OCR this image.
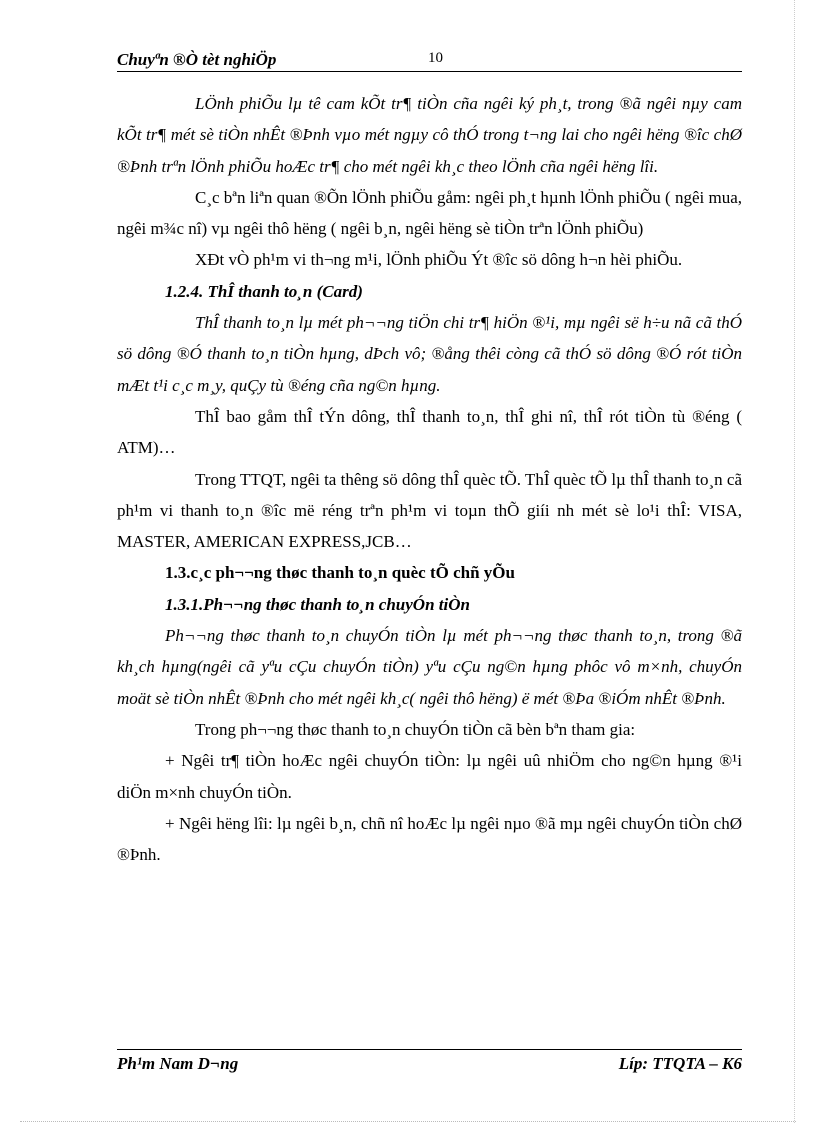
Chuyªn ®Ò tèt nghiÖp	10

LÖnh phiÕu lµ tê cam kÕt tr¶ tiÒn cña ngêi ký ph¸t, trong ®ã ngêi nµy cam kÕt tr¶ mét sè tiÒn nhÊt ®Þnh vµo mét ngµy cô thÓ trong t¬ng lai cho ngêi hëng ®îc chØ ®Þnh trªn lÖnh phiÕu hoÆc tr¶ cho mét ngêi kh¸c theo lÖnh cña ngêi hëng lîi.

C¸c bªn liªn quan ®Õn lÖnh phiÕu gåm: ngêi ph¸t hµnh lÖnh phiÕu ( ngêi mua, ngêi m¾c nî) vµ ngêi thô hëng ( ngêi b¸n, ngêi hëng sè tiÒn trªn lÖnh phiÕu)

XÐt vÒ ph¹m vi th¬ng m¹i, lÖnh phiÕu Ýt ®îc sö dông h¬n hèi phiÕu.

1.2.4. ThÎ thanh to¸n (Card)

ThÎ thanh to¸n lµ mét ph¬¬ng tiÖn chi tr¶ hiÖn ®¹i, mµ ngêi së h÷u nã cã thÓ sö dông ®Ó thanh to¸n tiÒn hµng, dÞch vô; ®ång thêi còng cã thÓ sö dông ®Ó rót tiÒn mÆt t¹i c¸c m¸y, quÇy tù ®éng cña ng©n hµng.

ThÎ bao gåm thÎ tÝn dông, thÎ thanh to¸n, thÎ ghi nî, thÎ rót tiÒn tù ®éng ( ATM)…

Trong TTQT, ngêi ta thêng sö dông thÎ quèc tÕ. ThÎ quèc tÕ lµ thÎ thanh to¸n cã ph¹m vi thanh to¸n ®îc më réng trªn ph¹m vi toµn thÕ giíi nh mét sè lo¹i thÎ: VISA, MASTER, AMERICAN EXPRESS,JCB…

1.3.c¸c ph¬¬ng thøc thanh to¸n quèc tÕ chñ yÕu

1.3.1.Ph¬¬ng thøc thanh to¸n chuyÓn tiÒn

Ph¬¬ng thøc thanh to¸n chuyÓn tiÒn lµ mét ph¬¬ng thøc thanh to¸n, trong ®ã kh¸ch hµng(ngêi cã yªu cÇu chuyÓn tiÒn) yªu cÇu ng©n hµng phôc vô m×nh, chuyÓn moät sè tiÒn nhÊt ®Þnh cho mét ngêi kh¸c( ngêi thô hëng) ë mét ®Þa ®iÓm nhÊt ®Þnh.

Trong ph¬¬ng thøc thanh to¸n chuyÓn tiÒn cã bèn bªn tham gia:

+ Ngêi tr¶ tiÒn hoÆc ngêi chuyÓn tiÒn: lµ ngêi uû nhiÖm cho ng©n hµng ®¹i diÖn m×nh chuyÓn tiÒn.

+ Ngêi hëng lîi: lµ ngêi b¸n, chñ nî hoÆc lµ ngêi nµo ®ã mµ ngêi chuyÓn tiÒn chØ ®Þnh.

Ph¹m Nam D¬ng	Líp: TTQTA – K6
